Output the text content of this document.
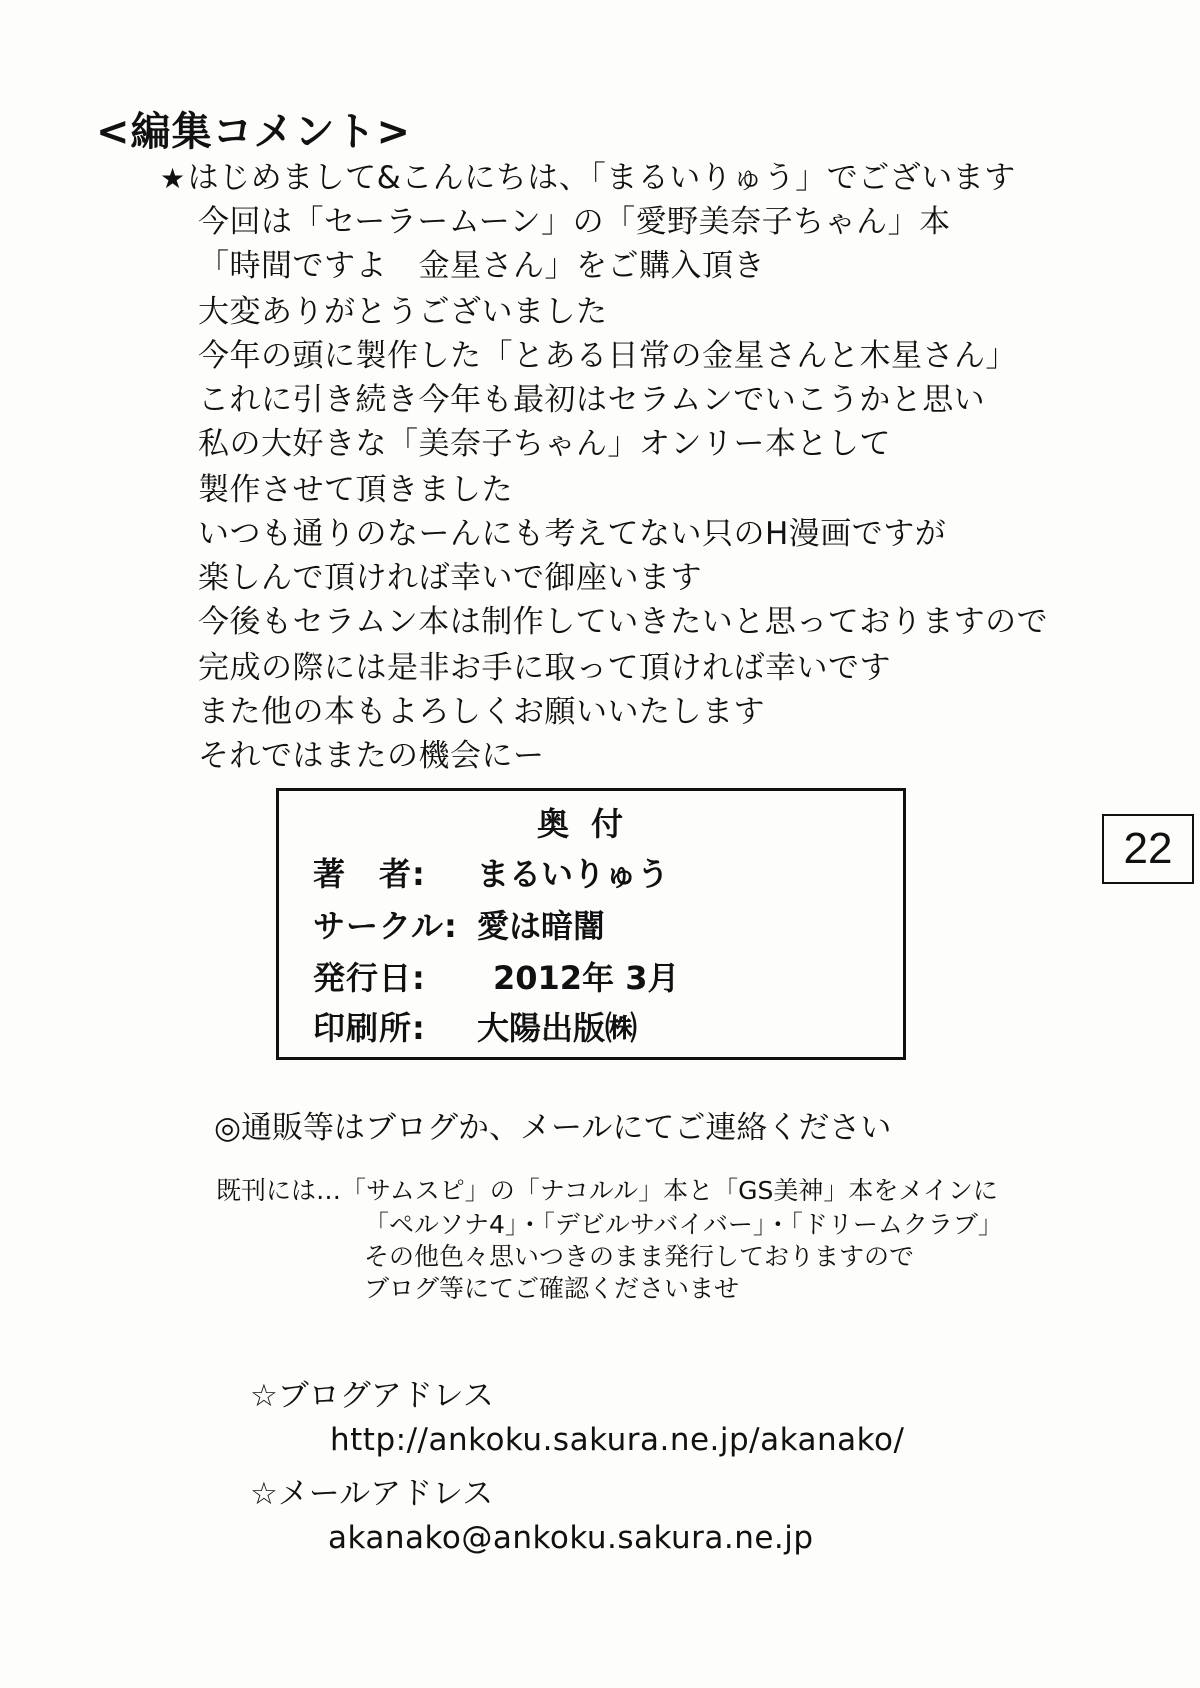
<編集コメント>
★はじめまして&こんにちは、「まるいりゅう」でございます
今回は「セーラームーン」の「愛野美奈子ちゃん」本
「時間ですよ　金星さん」をご購入頂き
大変ありがとうございました
今年の頭に製作した「とある日常の金星さんと木星さん」
これに引き続き今年も最初はセラムンでいこうかと思い
私の大好きな「美奈子ちゃん」オンリー本として
製作させて頂きました
いつも通りのなーんにも考えてない只のH漫画ですが
楽しんで頂ければ幸いで御座います
今後もセラムン本は制作していきたいと思っておりますので
完成の際には是非お手に取って頂ければ幸いです
また他の本もよろしくお願いいたします
それではまたの機会にー
奥付
著　者: まるいりゅう
サークル: 愛は暗闇
発行日: 2012年 3月
印刷所: 大陽出版㈱
22
◎通販等はブログか、メールにてご連絡ください
既刊には…「サムスピ」の「ナコルル」本と「GS美神」本をメインに
「ペルソナ4」・「デビルサバイバー」・「ドリームクラブ」
その他色々思いつきのまま発行しておりますので
ブログ等にてご確認くださいませ
☆ブログアドレス
http://ankoku.sakura.ne.jp/akanako/
☆メールアドレス
akanako@ankoku.sakura.ne.jp
